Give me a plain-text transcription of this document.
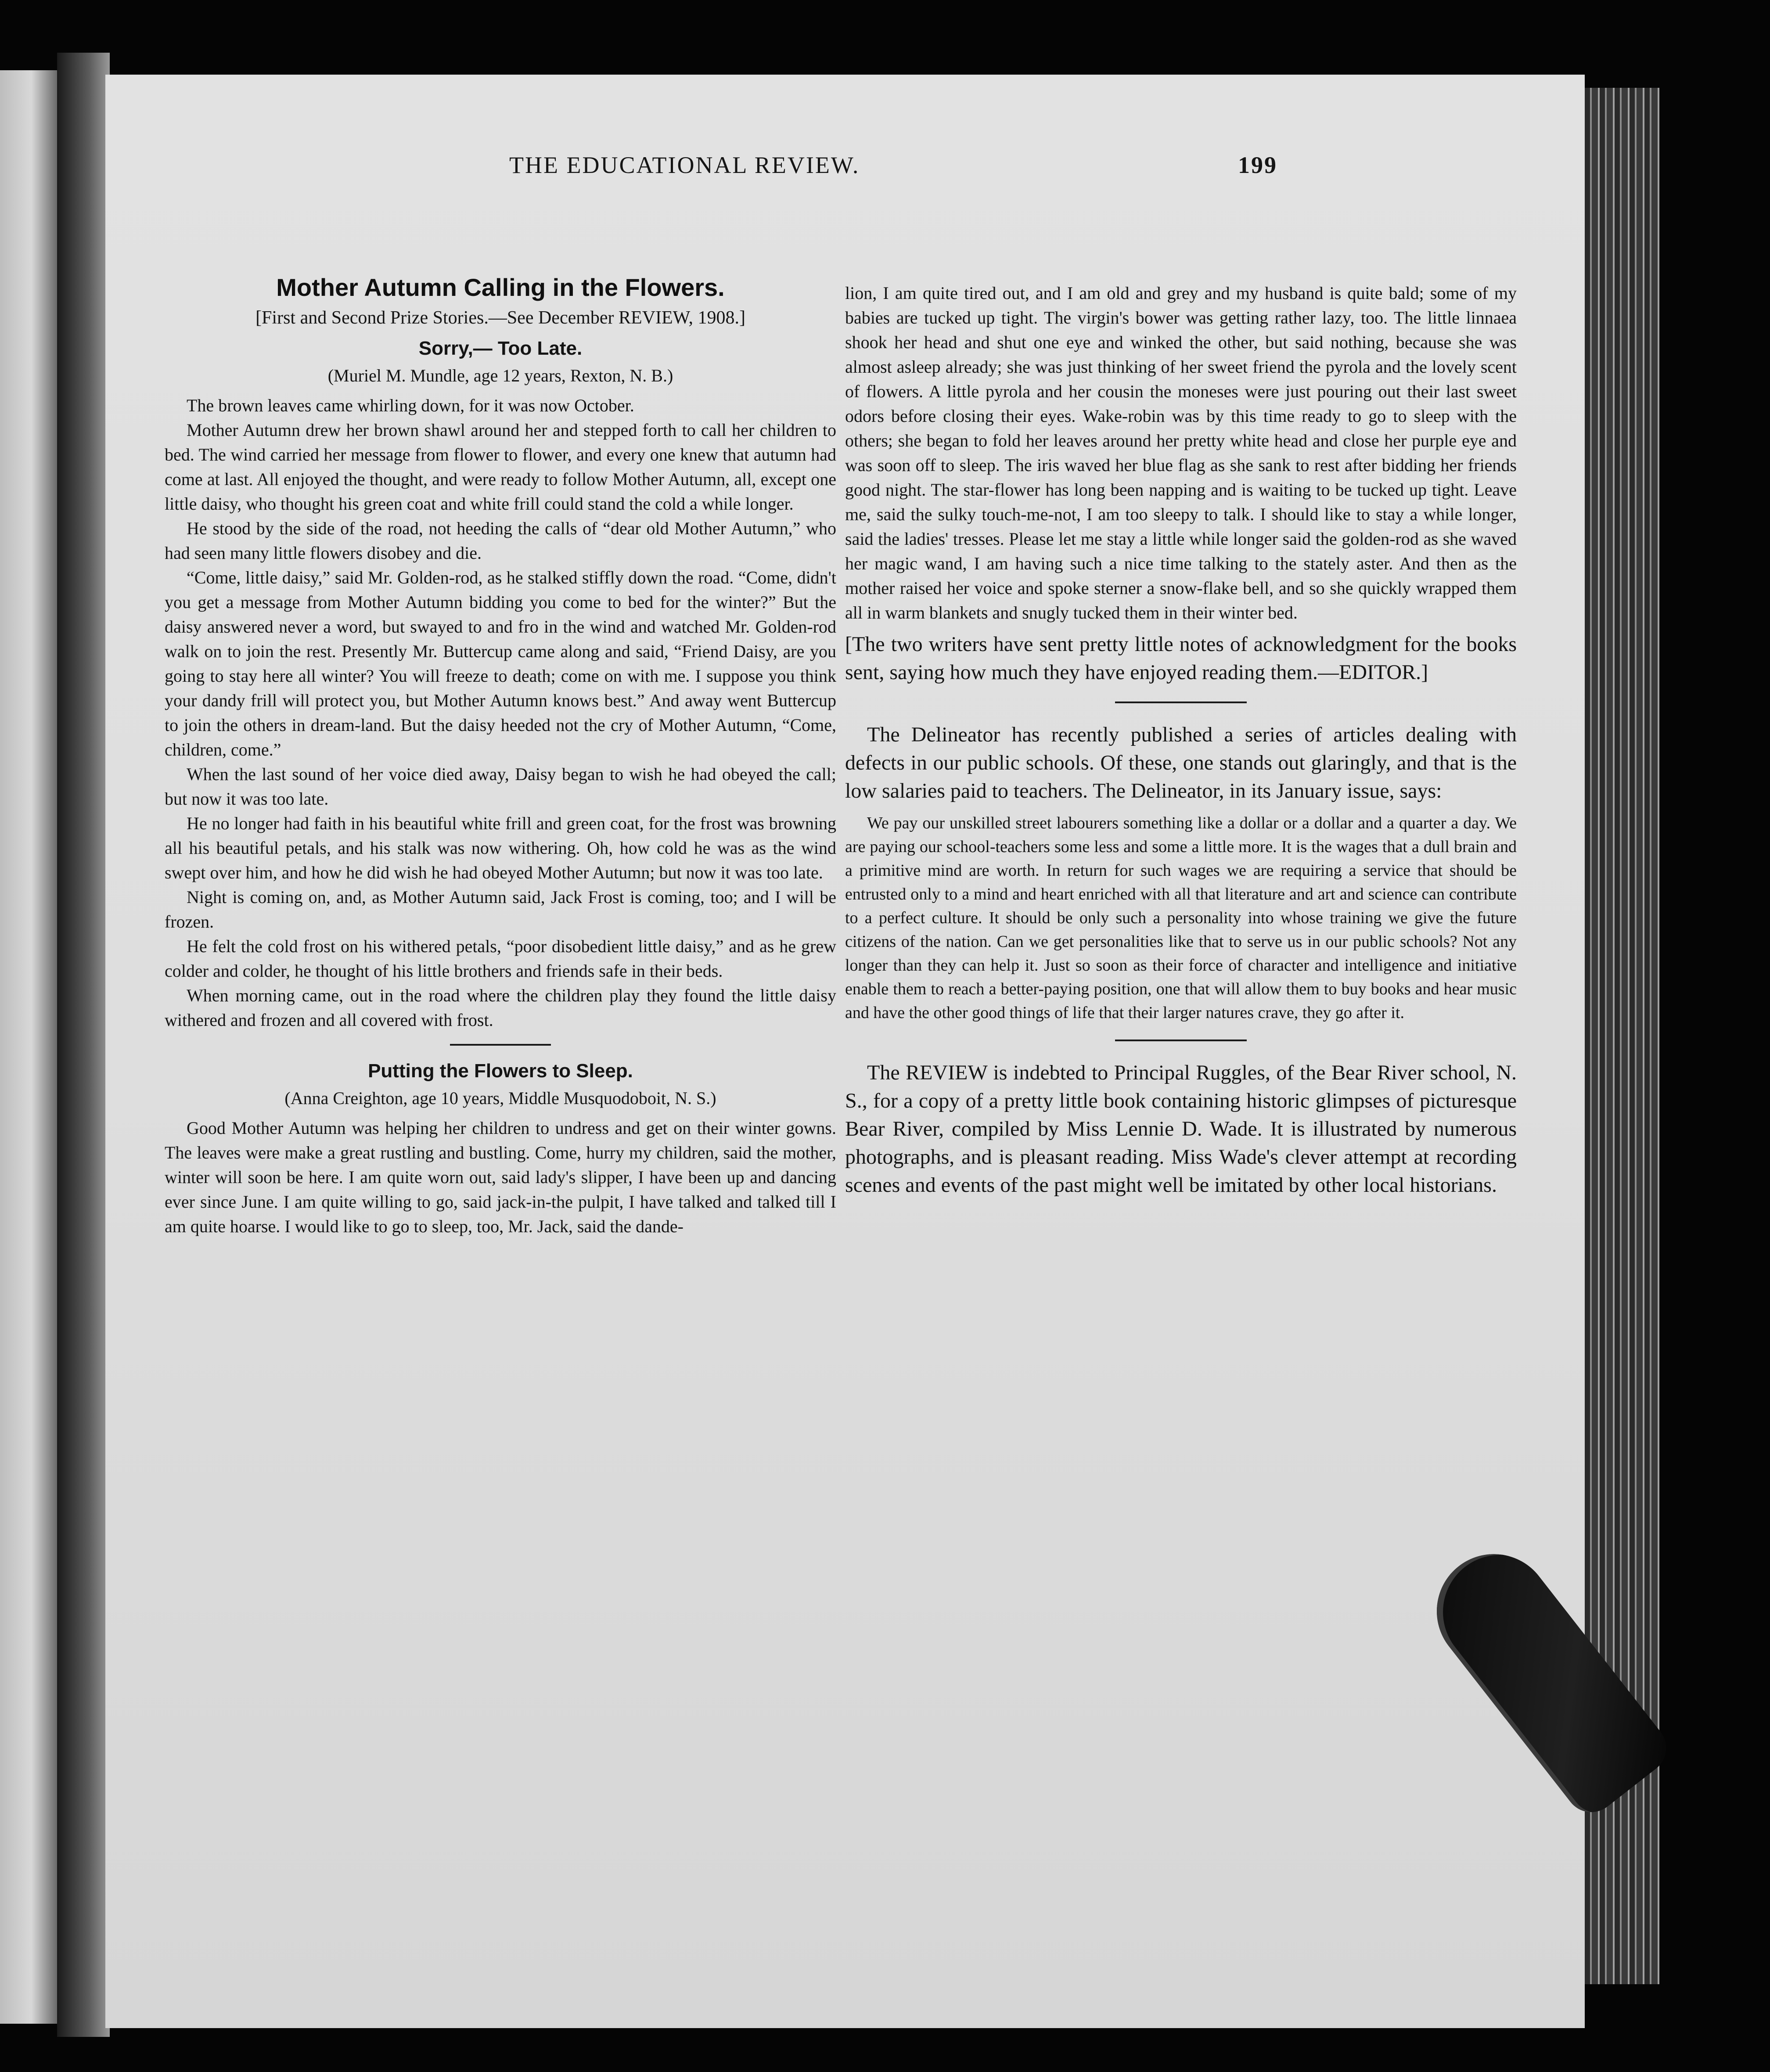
THE EDUCATIONAL REVIEW.	199
Mother Autumn Calling in the Flowers.

[First and Second Prize Stories.—See December REVIEW, 1908.]

Sorry,— Too Late.

(Muriel M. Mundle, age 12 years, Rexton, N. B.)

The brown leaves came whirling down, for it was now October.

Mother Autumn drew her brown shawl around her and stepped forth to call her children to bed. The wind carried her message from flower to flower, and every one knew that autumn had come at last. All enjoyed the thought, and were ready to follow Mother Autumn, all, except one little daisy, who thought his green coat and white frill could stand the cold a while longer.

He stood by the side of the road, not heeding the calls of “dear old Mother Autumn,” who had seen many little flowers disobey and die.

“Come, little daisy,” said Mr. Golden-rod, as he stalked stiffly down the road. “Come, didn't you get a message from Mother Autumn bidding you come to bed for the winter?” But the daisy answered never a word, but swayed to and fro in the wind and watched Mr. Golden-rod walk on to join the rest. Presently Mr. Buttercup came along and said, “Friend Daisy, are you going to stay here all winter? You will freeze to death; come on with me. I suppose you think your dandy frill will protect you, but Mother Autumn knows best.” And away went Buttercup to join the others in dream-land. But the daisy heeded not the cry of Mother Autumn, “Come, children, come.”

When the last sound of her voice died away, Daisy began to wish he had obeyed the call; but now it was too late.

He no longer had faith in his beautiful white frill and green coat, for the frost was browning all his beautiful petals, and his stalk was now withering. Oh, how cold he was as the wind swept over him, and how he did wish he had obeyed Mother Autumn; but now it was too late.

Night is coming on, and, as Mother Autumn said, Jack Frost is coming, too; and I will be frozen.

He felt the cold frost on his withered petals, “poor disobedient little daisy,” and as he grew colder and colder, he thought of his little brothers and friends safe in their beds.

When morning came, out in the road where the children play they found the little daisy withered and frozen and all covered with frost.

Putting the Flowers to Sleep.

(Anna Creighton, age 10 years, Middle Musquodoboit, N. S.)

Good Mother Autumn was helping her children to undress and get on their winter gowns. The leaves were make a great rustling and bustling. Come, hurry my children, said the mother, winter will soon be here. I am quite worn out, said lady's slipper, I have been up and dancing ever since June. I am quite willing to go, said jack-in-the pulpit, I have talked and talked till I am quite hoarse. I would like to go to sleep, too, Mr. Jack, said the dande-

lion, I am quite tired out, and I am old and grey and my husband is quite bald; some of my babies are tucked up tight. The virgin's bower was getting rather lazy, too. The little linnaea shook her head and shut one eye and winked the other, but said nothing, because she was almost asleep already; she was just thinking of her sweet friend the pyrola and the lovely scent of flowers. A little pyrola and her cousin the moneses were just pouring out their last sweet odors before closing their eyes. Wake-robin was by this time ready to go to sleep with the others; she began to fold her leaves around her pretty white head and close her purple eye and was soon off to sleep. The iris waved her blue flag as she sank to rest after bidding her friends good night. The star-flower has long been napping and is waiting to be tucked up tight. Leave me, said the sulky touch-me-not, I am too sleepy to talk. I should like to stay a while longer, said the ladies' tresses. Please let me stay a little while longer said the golden-rod as she waved her magic wand, I am having such a nice time talking to the stately aster. And then as the mother raised her voice and spoke sterner a snow-flake bell, and so she quickly wrapped them all in warm blankets and snugly tucked them in their winter bed.

[The two writers have sent pretty little notes of acknowledgment for the books sent, saying how much they have enjoyed reading them.—EDITOR.]

The Delineator has recently published a series of articles dealing with defects in our public schools. Of these, one stands out glaringly, and that is the low salaries paid to teachers. The Delineator, in its January issue, says:

We pay our unskilled street labourers something like a dollar or a dollar and a quarter a day. We are paying our school-teachers some less and some a little more. It is the wages that a dull brain and a primitive mind are worth. In return for such wages we are requiring a service that should be entrusted only to a mind and heart enriched with all that literature and art and science can contribute to a perfect culture. It should be only such a personality into whose training we give the future citizens of the nation. Can we get personalities like that to serve us in our public schools? Not any longer than they can help it. Just so soon as their force of character and intelligence and initiative enable them to reach a better-paying position, one that will allow them to buy books and hear music and have the other good things of life that their larger natures crave, they go after it.

The REVIEW is indebted to Principal Ruggles, of the Bear River school, N. S., for a copy of a pretty little book containing historic glimpses of picturesque Bear River, compiled by Miss Lennie D. Wade. It is illustrated by numerous photographs, and is pleasant reading. Miss Wade's clever attempt at recording scenes and events of the past might well be imitated by other local historians.
